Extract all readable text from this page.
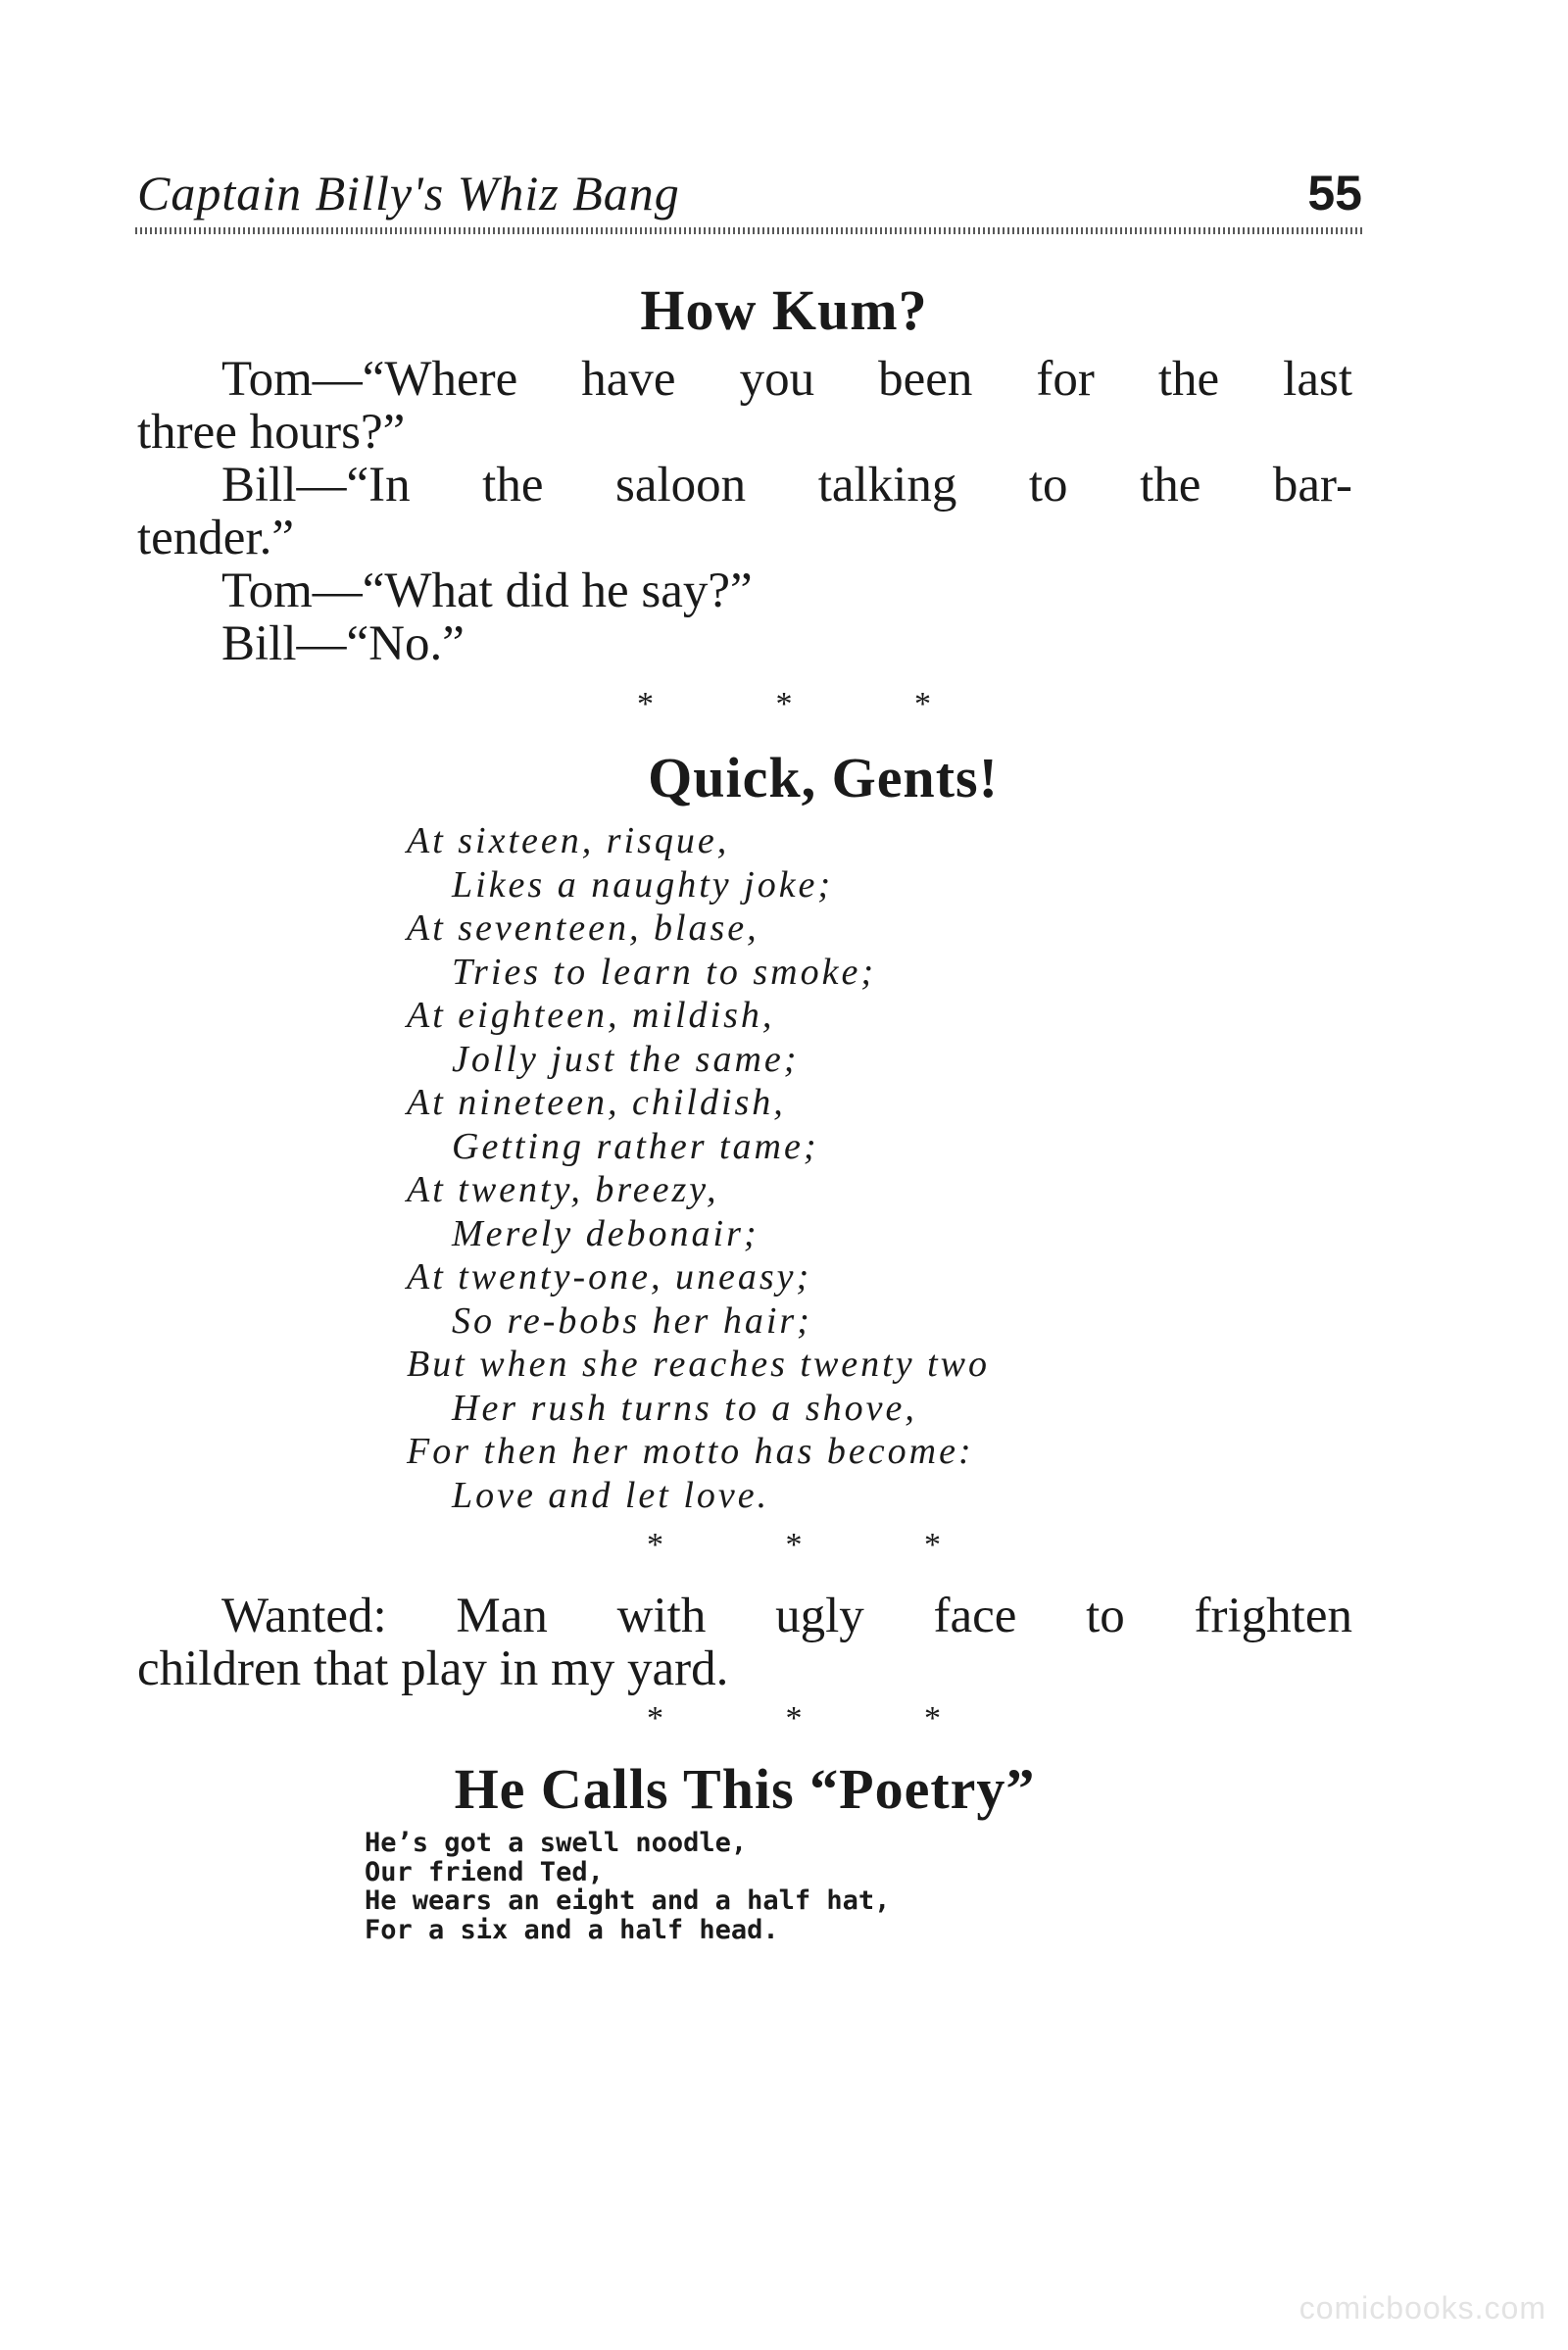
Captain Billy's Whiz Bang	55
How Kum?
Tom—“Where have you been for the last
three hours?”
Bill—“In the saloon talking to the bar-
tender.”
Tom—“What did he say?”
Bill—“No.”
* * *
Quick, Gents!
At sixteen, risque,
Likes a naughty joke;
At seventeen, blase,
Tries to learn to smoke;
At eighteen, mildish,
Jolly just the same;
At nineteen, childish,
Getting rather tame;
At twenty, breezy,
Merely debonair;
At twenty-one, uneasy;
So re-bobs her hair;
But when she reaches twenty two
Her rush turns to a shove,
For then her motto has become:
Love and let love.
* * *
Wanted: Man with ugly face to frighten
children that play in my yard.
* * *
He Calls This “Poetry”
He’s got a swell noodle,
Our friend Ted,
He wears an eight and a half hat,
For a six and a half head.
comicbooks.com
